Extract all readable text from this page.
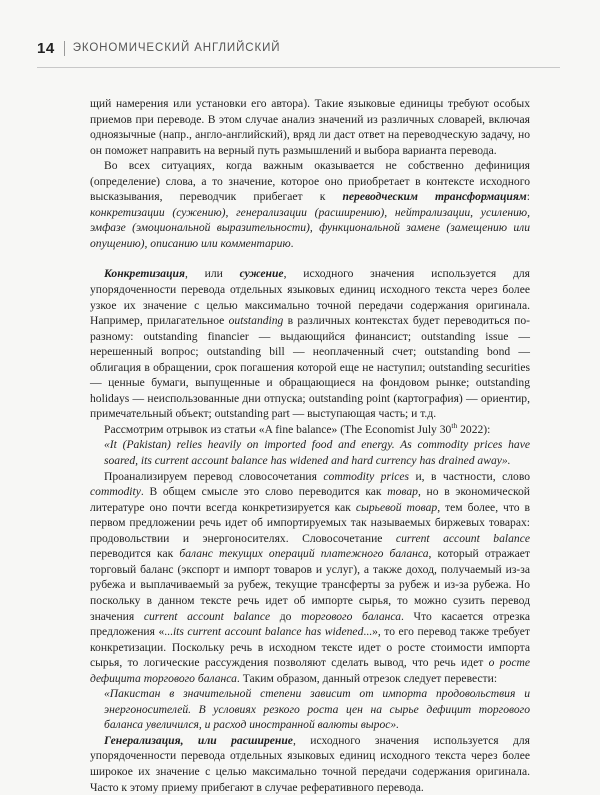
14 ЭКОНОМИЧЕСКИЙ АНГЛИЙСКИЙ

щий намерения или установки его автора). Такие языковые единицы требуют особых приемов при переводе. В этом случае анализ значений из различных словарей, включая одноязычные (напр., англо-английский), вряд ли даст ответ на переводческую задачу, но он поможет направить на верный путь размышлений и выбора варианта перевода.

Во всех ситуациях, когда важным оказывается не собственно дефиниция (определение) слова, а то значение, которое оно приобретает в контексте исходного высказывания, переводчик прибегает к переводческим трансформациям: конкретизации (сужению), генерализации (расширению), нейтрализации, усилению, эмфазе (эмоциональной выразительности), функциональной замене (замещению или опущению), описанию или комментарию.

Конкретизация, или сужение, исходного значения используется для упорядоченности перевода отдельных языковых единиц исходного текста через более узкое их значение с целью максимально точной передачи содержания оригинала. Например, прилагательное outstanding в различных контекстах будет переводиться по-разному: outstanding financier — выдающийся финансист; outstanding issue — нерешенный вопрос; outstanding bill — неоплаченный счет; outstanding bond — облигация в обращении, срок погашения которой еще не наступил; outstanding securities — ценные бумаги, выпущенные и обращающиеся на фондовом рынке; outstanding holidays — неиспользованные дни отпуска; outstanding point (картография) — ориентир, примечательный объект; outstanding part — выступающая часть; и т.д.

Рассмотрим отрывок из статьи «A fine balance» (The Economist July 30th 2022):

«It (Pakistan) relies heavily on imported food and energy. As commodity prices have soared, its current account balance has widened and hard currency has drained away».

Проанализируем перевод словосочетания commodity prices и, в частности, слово commodity. В общем смысле это слово переводится как товар, но в экономической литературе оно почти всегда конкретизируется как сырьевой товар, тем более, что в первом предложении речь идет об импортируемых так называемых биржевых товарах: продовольствии и энергоносителях. Словосочетание current account balance переводится как баланс текущих операций платежного баланса, который отражает торговый баланс (экспорт и импорт товаров и услуг), а также доход, получаемый из-за рубежа и выплачиваемый за рубеж, текущие трансферты за рубеж и из-за рубежа. Но поскольку в данном тексте речь идет об импорте сырья, то можно сузить перевод значения current account balance до торгового баланса. Что касается отрезка предложения «...its current account balance has widened...», то его перевод также требует конкретизации. Поскольку речь в исходном тексте идет о росте стоимости импорта сырья, то логические рассуждения позволяют сделать вывод, что речь идет о росте дефицита торгового баланса. Таким образом, данный отрезок следует перевести:

«Пакистан в значительной степени зависит от импорта продовольствия и энергоносителей. В условиях резкого роста цен на сырье дефицит торгового баланса увеличился, и расход иностранной валюты вырос».

Генерализация, или расширение, исходного значения используется для упорядоченности перевода отдельных языковых единиц исходного текста через более широкое их значение с целью максимально точной передачи содержания оригинала. Часто к этому приему прибегают в случае реферативного перевода.
